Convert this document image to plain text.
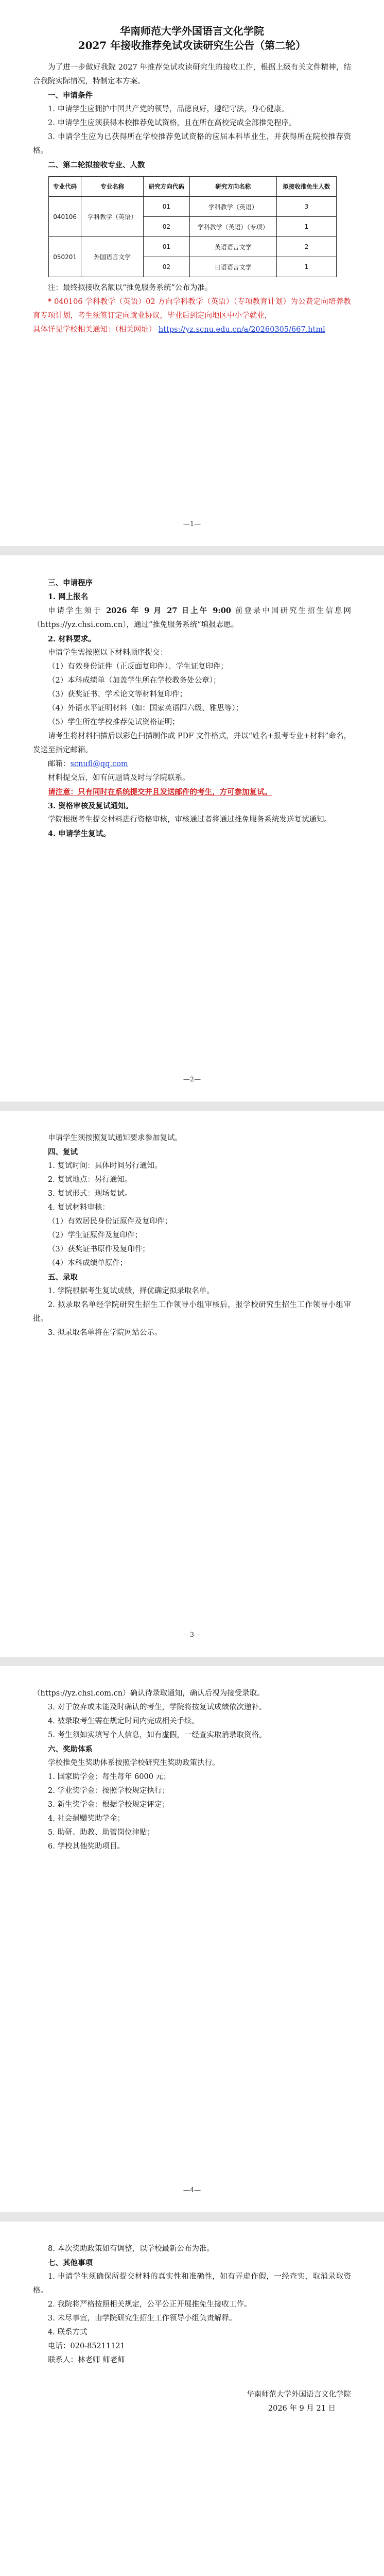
华南师范大学外国语言文化学院
2027 年接收推荐免试攻读研究生公告（第二轮）

为了进一步做好我院 2027 年推荐免试攻读研究生的接收工作，根据上级有关文件精神，结合我院实际情况，特制定本方案。

一、申请条件

1. 申请学生应拥护中国共产党的领导，品德良好，遵纪守法，身心健康。

2. 申请学生应须获得本校推荐免试资格，且在所在高校完成全部推免程序。

3. 申请学生应为已获得所在学校推荐免试资格的应届本科毕业生，并获得所在院校推荐资格。

二、第二轮拟接收专业、人数

专业代码	专业名称	研究方向代码	研究方向名称	拟接收推免生人数
040106	学科教学（英语）	01	学科教学（英语）	3
		02	学科教学（英语）（专项）	1
050201	外国语言文学	01	英语语言文学	2
		02	日语语言文学	1

注：最终拟接收名额以“推免服务系统”公布为准。

* 040106 学科教学（英语）02 方向学科教学（英语）（专项教育计划）为公费定向培养教育专项计划，考生须签订定向就业协议，毕业后到定向地区中小学就业，

具体详见学校相关通知：（相关网址） https://yz.scnu.edu.cn/a/20260305/667.html

—1—

三、申请程序

1. 网上报名

申请学生须于 2026 年 9 月 27 日上午 9:00 前登录中国研究生招生信息网（https://yz.chsi.com.cn），通过“推免服务系统”填报志愿。

2. 材料要求。

申请学生需按照以下材料顺序提交：

（1）有效身份证件（正反面复印件）、学生证复印件；

（2）本科成绩单（加盖学生所在学校教务处公章）；

（3）获奖证书、学术论文等材料复印件；

（4）外语水平证明材料（如：国家英语四六级、雅思等）；

（5）学生所在学校推荐免试资格证明；

请考生将材料扫描后以彩色扫描制作成 PDF 文件格式，并以“姓名+报考专业+材料”命名，发送至指定邮箱。

邮箱：scnufl@qq.com

材料提交后，如有问题请及时与学院联系。

请注意：只有同时在系统提交并且发送邮件的考生，方可参加复试。

3. 资格审核及复试通知。

学院根据考生提交材料进行资格审核，审核通过者将通过推免服务系统发送复试通知。

4. 申请学生复试。

—2—

申请学生须按照复试通知要求参加复试。

四、复试

1. 复试时间：具体时间另行通知。

2. 复试地点：另行通知。

3. 复试形式：现场复试。

4. 复试材料审核：

（1）有效居民身份证原件及复印件；

（2）学生证原件及复印件；

（3）获奖证书原件及复印件；

（4）本科成绩单原件；

五、录取

1. 学院根据考生复试成绩，择优确定拟录取名单。

2. 拟录取名单经学院研究生招生工作领导小组审核后，报学校研究生招生工作领导小组审批。

3. 拟录取名单将在学院网站公示。

—3—

（https://yz.chsi.com.cn）确认待录取通知，确认后视为接受录取。

3. 对于放弃或未能及时确认的考生，学院将按复试成绩依次递补。

4. 被录取考生需在规定时间内完成相关手续。

5. 考生须如实填写个人信息，如有虚假，一经查实取消录取资格。

六、奖助体系

学校推免生奖助体系按照学校研究生奖助政策执行。

1. 国家助学金：每生每年 6000 元；

2. 学业奖学金：按照学校规定执行；

3. 新生奖学金：根据学校规定评定；

4. 社会捐赠奖助学金；

5. 助研、助教、助管岗位津贴；

6. 学校其他奖助项目。

—4—

8. 本次奖助政策如有调整，以学校最新公布为准。

七、其他事项

1. 申请学生须确保所提交材料的真实性和准确性，如有弄虚作假，一经查实，取消录取资格。

2. 我院将严格按照相关规定，公平公正开展推免生接收工作。

3. 未尽事宜，由学院研究生招生工作领导小组负责解释。

4. 联系方式

电话：020-85211121

联系人：林老师 师老师

华南师范大学外国语言文化学院

2026 年 9 月 21 日
